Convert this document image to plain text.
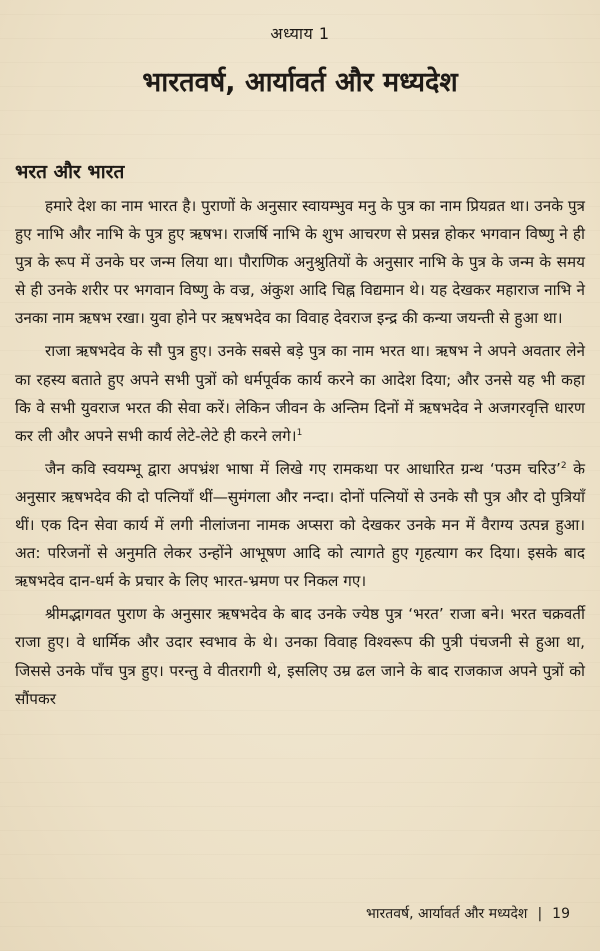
अध्याय 1
भारतवर्ष, आर्यावर्त और मध्यदेश
भरत और भारत

हमारे देश का नाम भारत है। पुराणों के अनुसार स्वायम्भुव मनु के पुत्र का नाम प्रियव्रत था। उनके पुत्र हुए नाभि और नाभि के पुत्र हुए ऋषभ। राजर्षि नाभि के शुभ आचरण से प्रसन्न होकर भगवान विष्णु ने ही पुत्र के रूप में उनके घर जन्म लिया था। पौराणिक अनुश्रुतियों के अनुसार नाभि के पुत्र के जन्म के समय से ही उनके शरीर पर भगवान विष्णु के वज्र, अंकुश आदि चिह्न विद्यमान थे। यह देखकर महाराज नाभि ने उनका नाम ऋषभ रखा। युवा होने पर ऋषभदेव का विवाह देवराज इन्द्र की कन्या जयन्ती से हुआ था।

राजा ऋषभदेव के सौ पुत्र हुए। उनके सबसे बड़े पुत्र का नाम भरत था। ऋषभ ने अपने अवतार लेने का रहस्य बताते हुए अपने सभी पुत्रों को धर्मपूर्वक कार्य करने का आदेश दिया; और उनसे यह भी कहा कि वे सभी युवराज भरत की सेवा करें। लेकिन जीवन के अन्तिम दिनों में ऋषभदेव ने अजगरवृत्ति धारण कर ली और अपने सभी कार्य लेटे-लेटे ही करने लगे।$^1$

जैन कवि स्वयम्भू द्वारा अपभ्रंश भाषा में लिखे गए रामकथा पर आधारित ग्रन्थ ‘पउम चरिउ’$^2$ के अनुसार ऋषभदेव की दो पत्नियाँ थीं—सुमंगला और नन्दा। दोनों पत्नियों से उनके सौ पुत्र और दो पुत्रियाँ थीं। एक दिन सेवा कार्य में लगी नीलांजना नामक अप्सरा को देखकर उनके मन में वैराग्य उत्पन्न हुआ। अत: परिजनों से अनुमति लेकर उन्होंने आभूषण आदि को त्यागते हुए गृहत्याग कर दिया। इसके बाद ऋषभदेव दान-धर्म के प्रचार के लिए भारत-भ्रमण पर निकल गए।

श्रीमद्भागवत पुराण के अनुसार ऋषभदेव के बाद उनके ज्येष्ठ पुत्र ‘भरत’ राजा बने। भरत चक्रवर्ती राजा हुए। वे धार्मिक और उदार स्वभाव के थे। उनका विवाह विश्वरूप की पुत्री पंचजनी से हुआ था, जिससे उनके पाँच पुत्र हुए। परन्तु वे वीतरागी थे, इसलिए उम्र ढल जाने के बाद राजकाज अपने पुत्रों को सौंपकर

भारतवर्ष, आर्यावर्त और मध्यदेश | 19
